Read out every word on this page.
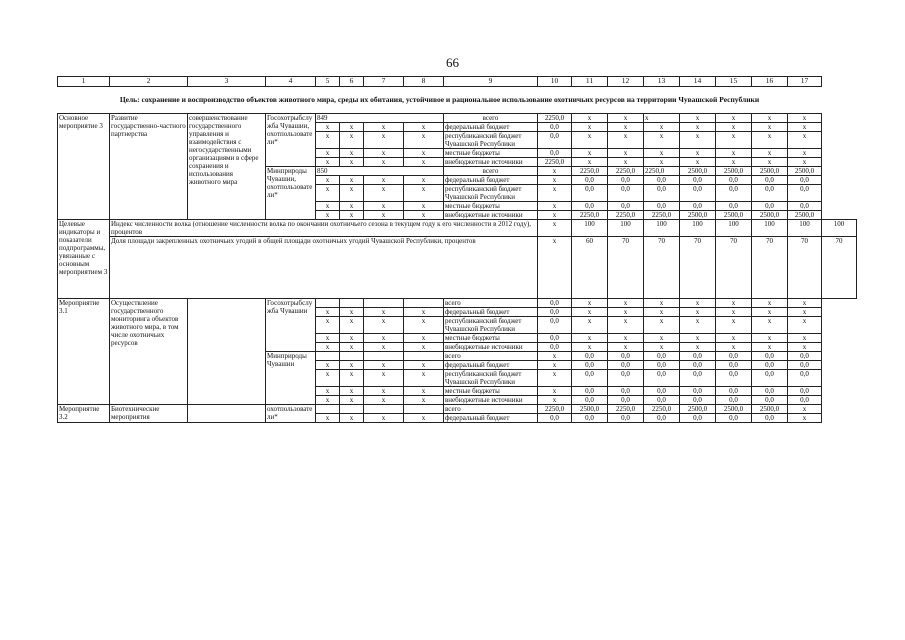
66
1	2	3	4	5	6	7	8	9	10	11	12	13	14	15	16	17	
Цель: сохранение и воспроизводство объектов животного мира, среды их обитания, устойчивое и рациональное использование охотничьих ресурсов на территории Чувашской Республики																	
Основное мероприятие 3	Развитие государственно-частного партнерства	совершенствование государственного управления и взаимодействия с негосударственными организациями в сфере сохранения и использования животного мира	Госохотрыбслужба Чувашии, охотпользователи*	849				всего	2250,0	x	x	x	x	x	x	x	
				x	x	x	x	федеральный бюджет	0,0	x	x	x	x	x	x	x	
				x	x	x	x	республиканский бюджет Чувашской Республики	0,0	x	x	x	x	x	x	x	
				x	x	x	x	местные бюджеты	0,0	x	x	x	x	x	x	x	
				x	x	x	x	внебюджетные источники	2250,0	x	x	x	x	x	x	x	
			Минприроды Чувашии, охотпользователи*	850				всего	x	2250,0	2250,0	2250,0	2500,0	2500,0	2500,0	2500,0	
				x	x	x	x	федеральный бюджет	x	0,0	0,0	0,0	0,0	0,0	0,0	0,0	
				x	x	x	x	республиканский бюджет Чувашской Республики	x	0,0	0,0	0,0	0,0	0,0	0,0	0,0	
				x	x	x	x	местные бюджеты	x	0,0	0,0	0,0	0,0	0,0	0,0	0,0	
				x	x	x	x	внебюджетные источники	x	2250,0	2250,0	2250,0	2500,0	2500,0	2500,0	2500,0	
Целевые индикаторы и показатели подпрограммы, увязанные с основным мероприятием 3	Индекс численности волка (отношение численности волка по окончании охотничьего сезона в текущем году к его численности в 2012 году), процентов								x	100	100	100	100	100	100	100	100
	Доля площади закрепленных охотничьих угодий в общей площади охотничьих угодий Чувашской Республики, процентов								x	60	70	70	70	70	70	70	70
Мероприятие 3.1	Осуществление государственного мониторинга объектов животного мира, в том числе охотничьих ресурсов		Госохотрыбслужба Чувашии					всего	0,0	x	x	x	x	x	x	x	
				x	x	x	x	федеральный бюджет	0,0	x	x	x	x	x	x	x	
				x	x	x	x	республиканский бюджет Чувашской Республики	0,0	x	x	x	x	x	x	x	
				x	x	x	x	местные бюджеты	0,0	x	x	x	x	x	x	x	
				x	x	x	x	внебюджетные источники	0,0	x	x	x	x	x	x	x	
			Минприроды Чувашии					всего	x	0,0	0,0	0,0	0,0	0,0	0,0	0,0	
				x	x	x	x	федеральный бюджет	x	0,0	0,0	0,0	0,0	0,0	0,0	0,0	
				x	x	x	x	республиканский бюджет Чувашской Республики	x	0,0	0,0	0,0	0,0	0,0	0,0	0,0	
				x	x	x	x	местные бюджеты	x	0,0	0,0	0,0	0,0	0,0	0,0	0,0	
				x	x	x	x	внебюджетные источники	x	0,0	0,0	0,0	0,0	0,0	0,0	0,0	
Мероприятие 3.2	Биотехнические мероприятия		охотпользователи*					всего	2250,0	2500,0	2250,0	2250,0	2500,0	2500,0	2500,0	x	
				x	x	x	x	федеральный бюджет	0,0	0,0	0,0	0,0	0,0	0,0	0,0	x	
